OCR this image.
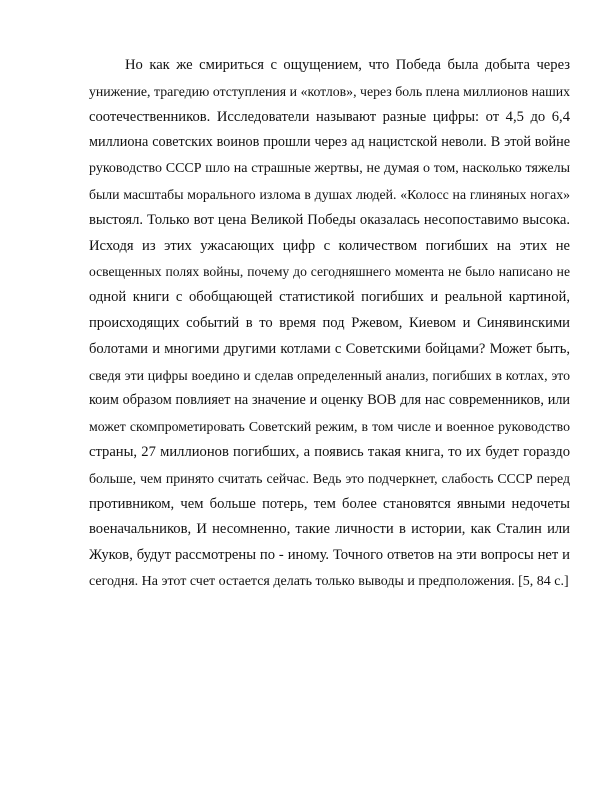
Но как же смириться с ощущением, что Победа была добыта через
унижение, трагедию отступления и «котлов», через боль плена миллионов наших
соотечественников. Исследователи называют разные цифры: от 4,5 до 6,4
миллиона советских воинов прошли через ад нацистской неволи. В этой войне
руководство СССР шло на страшные жертвы, не думая о том, насколько тяжелы
были масштабы морального излома в душах людей. «Колосс на глиняных ногах»
выстоял. Только вот цена Великой Победы оказалась несопоставимо высока.
Исходя из этих ужасающих цифр с количеством погибших на этих не
освещенных полях войны, почему до сегодняшнего момента не было написано не
одной книги с обобщающей статистикой погибших и реальной картиной,
происходящих событий в то время под Ржевом, Киевом и Синявинскими
болотами и многими другими котлами с Советскими бойцами? Может быть,
сведя эти цифры воедино и сделав определенный анализ, погибших в котлах, это
коим образом повлияет на значение и оценку ВОВ для нас современников, или
может скомпрометировать Советский режим, в том числе и военное руководство
страны, 27 миллионов погибших, а появись такая книга, то их будет гораздо
больше, чем принято считать сейчас. Ведь это подчеркнет, слабость СССР перед
противником, чем больше потерь, тем более становятся явными недочеты
военачальников, И несомненно, такие личности в истории, как Сталин или
Жуков, будут рассмотрены по - иному. Точного ответов на эти вопросы нет и
сегодня. На этот счет остается делать только выводы и предположения. [5, 84 с.]
